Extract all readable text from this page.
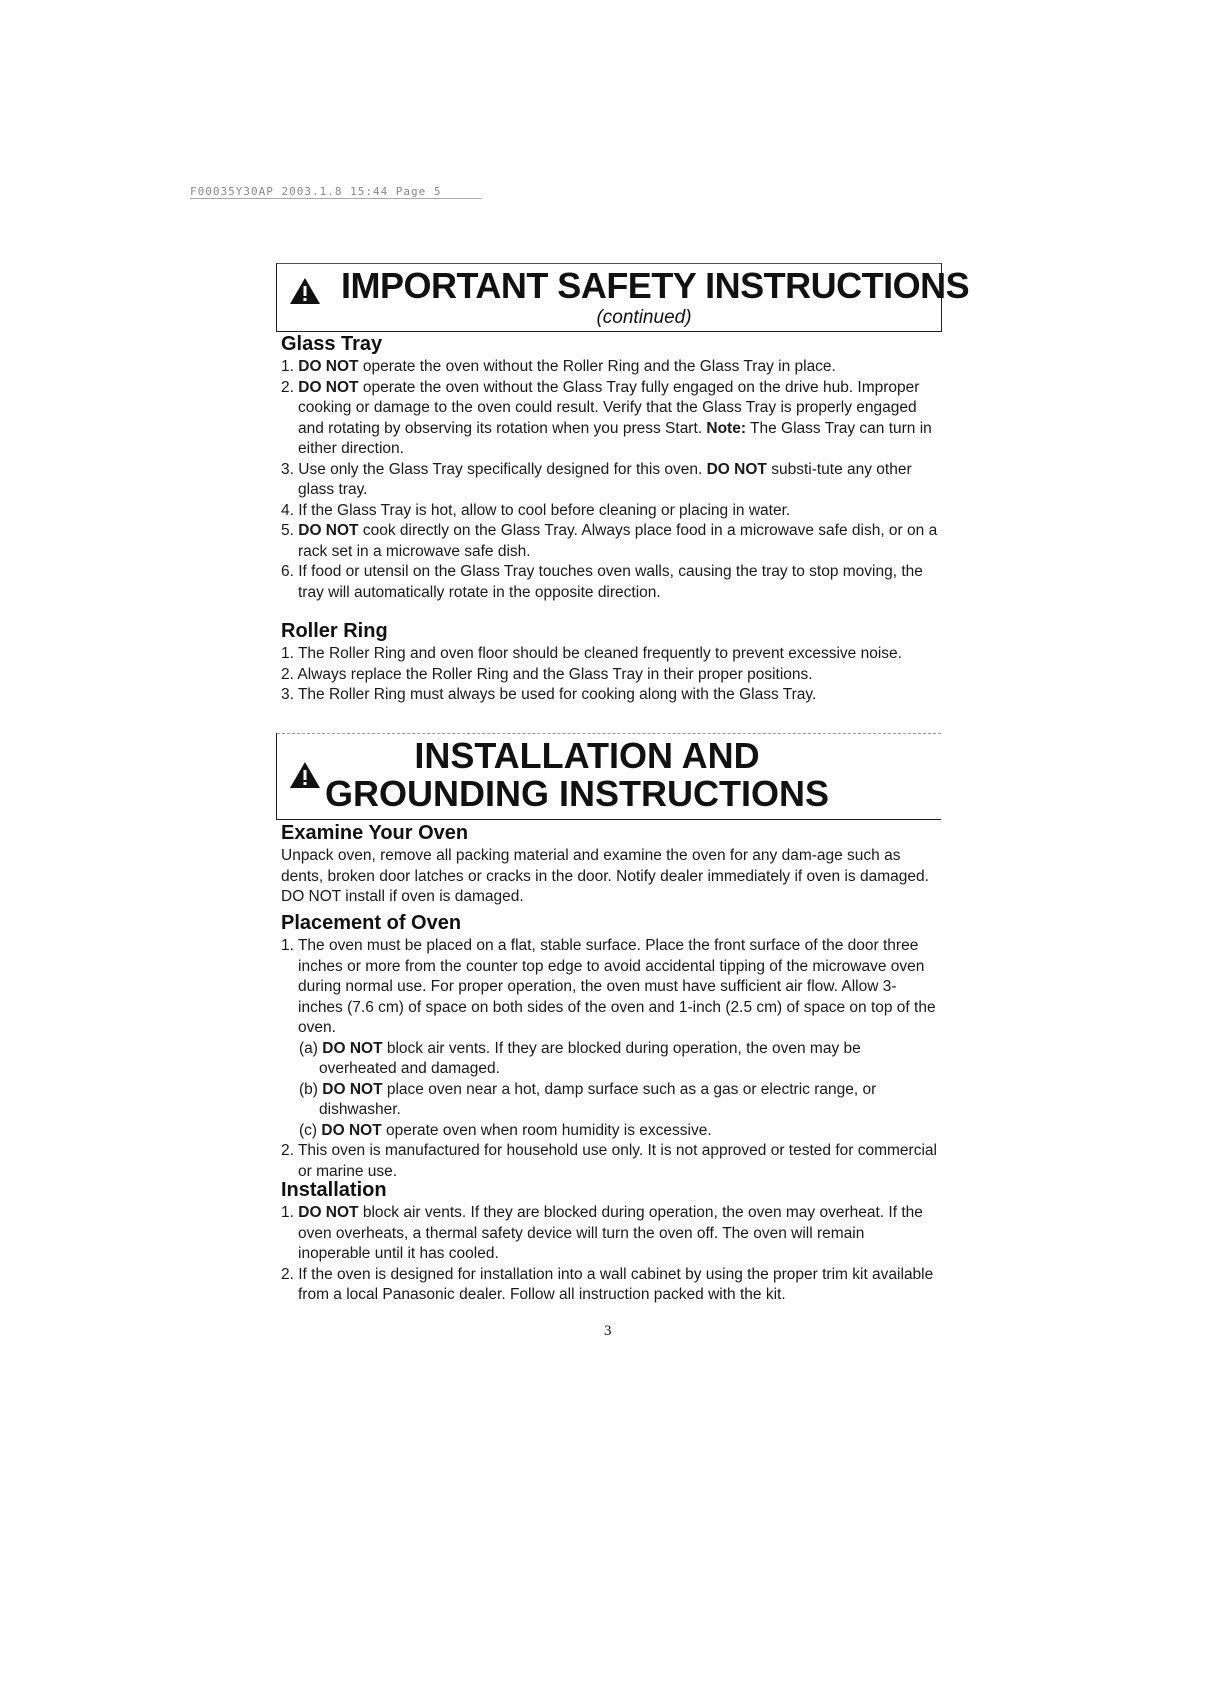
F00035Y30AP 2003.1.8 15:44 Page 5
IMPORTANT SAFETY INSTRUCTIONS
(continued)
Glass Tray
1. DO NOT operate the oven without the Roller Ring and the Glass Tray in place.
2. DO NOT operate the oven without the Glass Tray fully engaged on the drive hub. Improper cooking or damage to the oven could result. Verify that the Glass Tray is properly engaged and rotating by observing its rotation when you press Start. Note: The Glass Tray can turn in either direction.
3. Use only the Glass Tray specifically designed for this oven. DO NOT substi-tute any other glass tray.
4. If the Glass Tray is hot, allow to cool before cleaning or placing in water.
5. DO NOT cook directly on the Glass Tray. Always place food in a microwave safe dish, or on a rack set in a microwave safe dish.
6. If food or utensil on the Glass Tray touches oven walls, causing the tray to stop moving, the tray will automatically rotate in the opposite direction.
Roller Ring
1. The Roller Ring and oven floor should be cleaned frequently to prevent excessive noise.
2. Always replace the Roller Ring and the Glass Tray in their proper positions.
3. The Roller Ring must always be used for cooking along with the Glass Tray.
INSTALLATION AND
GROUNDING INSTRUCTIONS
Examine Your Oven
Unpack oven, remove all packing material and examine the oven for any dam-age such as dents, broken door latches or cracks in the door. Notify dealer immediately if oven is damaged. DO NOT install if oven is damaged.
Placement of Oven
1. The oven must be placed on a flat, stable surface. Place the front surface of the door three inches or more from the counter top edge to avoid accidental tipping of the microwave oven during normal use. For proper operation, the oven must have sufficient air flow. Allow 3-inches (7.6 cm) of space on both sides of the oven and 1-inch (2.5 cm) of space on top of the oven.
(a) DO NOT block air vents. If they are blocked during operation, the oven may be overheated and damaged.
(b) DO NOT place oven near a hot, damp surface such as a gas or electric range, or dishwasher.
(c) DO NOT operate oven when room humidity is excessive.
2. This oven is manufactured for household use only. It is not approved or tested for commercial or marine use.
Installation
1. DO NOT block air vents. If they are blocked during operation, the oven may overheat. If the oven overheats, a thermal safety device will turn the oven off. The oven will remain inoperable until it has cooled.
2. If the oven is designed for installation into a wall cabinet by using the proper trim kit available from a local Panasonic dealer. Follow all instruction packed with the kit.
3
